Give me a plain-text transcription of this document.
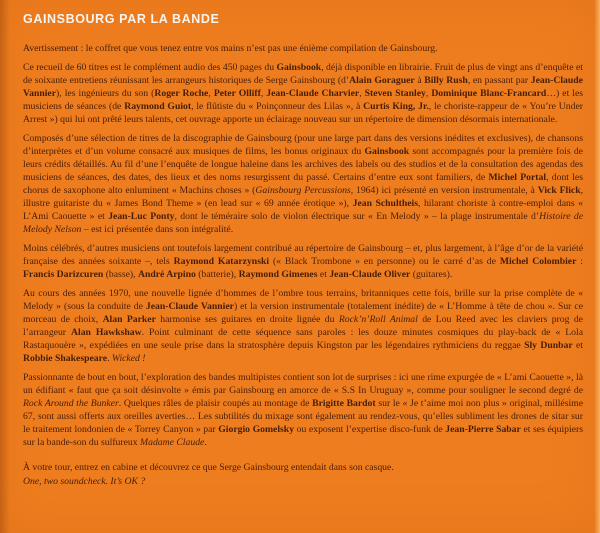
GAINSBOURG PAR LA BANDE

Avertissement : le coffret que vous tenez entre vos mains n’est pas une énième compilation de Gainsbourg.

Ce recueil de 60 titres est le complément audio des 450 pages du Gainsbook, déjà disponible en librairie. Fruit de plus de vingt ans d’enquête et de soixante entretiens réunissant les arrangeurs historiques de Serge Gainsbourg (d’Alain Goraguer à Billy Rush, en passant par Jean-Claude Vannier), les ingénieurs du son (Roger Roche, Peter Olliff, Jean-Claude Charvier, Steven Stanley, Dominique Blanc-Francard…) et les musiciens de séances (de Raymond Guiot, le flûtiste du « Poinçonneur des Lilas », à Curtis King, Jr., le choriste-rappeur de « You’re Under Arrest ») qui lui ont prêté leurs talents, cet ouvrage apporte un éclairage nouveau sur un répertoire de dimension désormais internationale.

Composés d’une sélection de titres de la discographie de Gainsbourg (pour une large part dans des versions inédites et exclusives), de chansons d’interprètes et d’un volume consacré aux musiques de films, les bonus originaux du Gainsbook sont accompagnés pour la première fois de leurs crédits détaillés. Au fil d’une l’enquête de longue haleine dans les archives des labels ou des studios et de la consultation des agendas des musiciens de séances, des dates, des lieux et des noms resurgissent du passé. Certains d’entre eux sont familiers, de Michel Portal, dont les chorus de saxophone alto enluminent « Machins choses » (Gainsbourg Percussions, 1964) ici présenté en version instrumentale, à Vick Flick, illustre guitariste du « James Bond Theme » (en lead sur « 69 année érotique »), Jean Schultheis, hilarant choriste à contre-emploi dans « L’Ami Caouette » et Jean-Luc Ponty, dont le téméraire solo de violon électrique sur « En Melody » – la plage instrumentale d’Histoire de Melody Nelson – est ici présentée dans son intégralité.

Moins célébrés, d’autres musiciens ont toutefois largement contribué au répertoire de Gainsbourg – et, plus largement, à l’âge d’or de la variété française des années soixante –, tels Raymond Katarzynski (« Black Trombone » en personne) ou le carré d’as de Michel Colombier : Francis Darizcuren (basse), André Arpino (batterie), Raymond Gimenes et Jean-Claude Oliver (guitares).

Au cours des années 1970, une nouvelle lignée d’hommes de l’ombre tous terrains, britanniques cette fois, brille sur la prise complète de « Melody » (sous la conduite de Jean-Claude Vannier) et la version instrumentale (totalement inédite) de « L’Homme à tête de chou ». Sur ce morceau de choix, Alan Parker harmonise ses guitares en droite lignée du Rock’n’Roll Animal de Lou Reed avec les claviers prog de l’arrangeur Alan Hawkshaw. Point culminant de cette séquence sans paroles : les douze minutes cosmiques du play-back de « Lola Rastaquouère », expédiées en une seule prise dans la stratosphère depuis Kingston par les légendaires rythmiciens du reggae Sly Dunbar et Robbie Shakespeare. Wicked !

Passionnante de bout en bout, l’exploration des bandes multipistes contient son lot de surprises : ici une rime expurgée de « L’ami Caouette », là un édifiant « faut que ça soit désinvolte » émis par Gainsbourg en amorce de « S.S In Uruguay », comme pour souligner le second degré de Rock Around the Bunker. Quelques râles de plaisir coupés au montage de Brigitte Bardot sur le « Je t’aime moi non plus » original, millésime 67, sont aussi offerts aux oreilles averties… Les subtilités du mixage sont également au rendez-vous, qu’elles subliment les drones de sitar sur le traitement londonien de « Torrey Canyon » par Giorgio Gomelsky ou exposent l’expertise disco-funk de Jean-Pierre Sabar et ses équipiers sur la bande-son du sulfureux Madame Claude.

À votre tour, entrez en cabine et découvrez ce que Serge Gainsbourg entendait dans son casque.

One, two soundcheck. It’s OK ?
